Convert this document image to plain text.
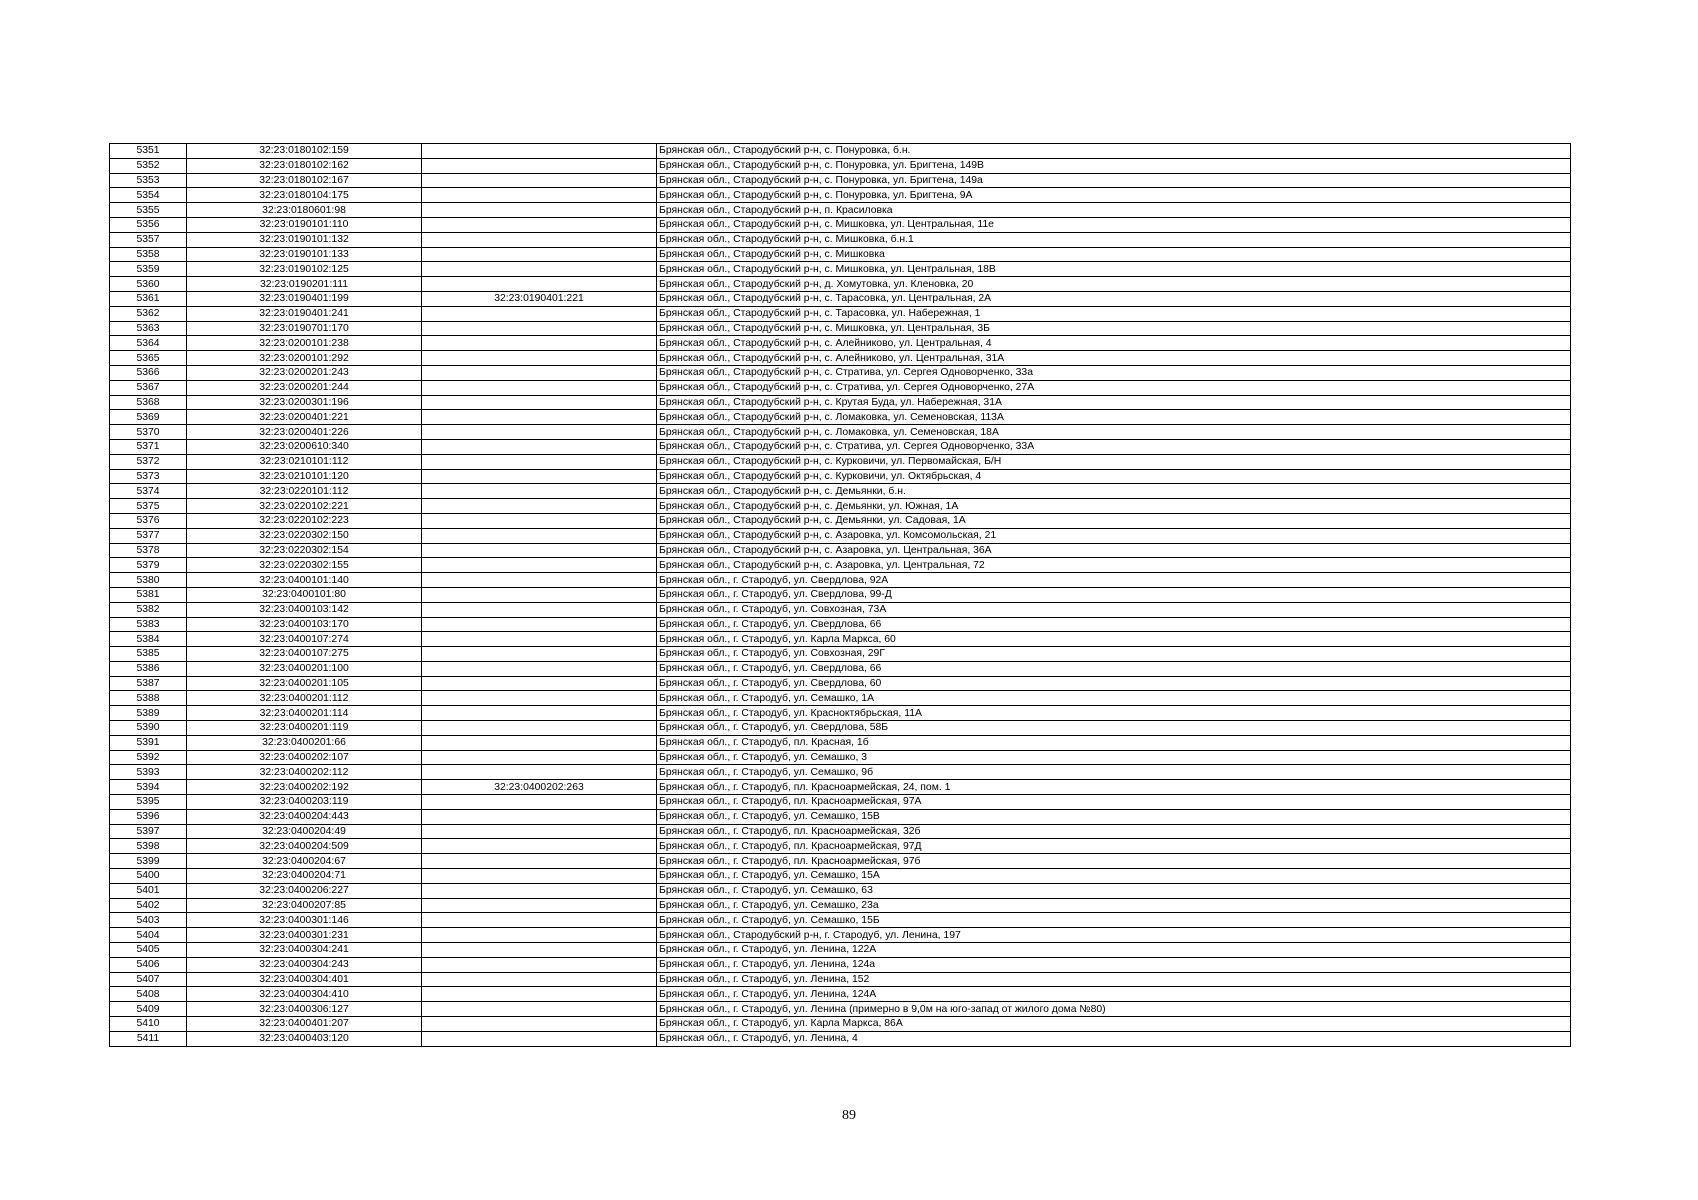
5351	32:23:0180102:159		Брянская обл., Стародубский р-н, с. Понуровка, б.н.
5352	32:23:0180102:162		Брянская обл., Стародубский р-н, с. Понуровка, ул. Бригтена, 149В
5353	32:23:0180102:167		Брянская обл., Стародубский р-н, с. Понуровка, ул. Бригтена, 149а
5354	32:23:0180104:175		Брянская обл., Стародубский р-н, с. Понуровка, ул. Бригтена, 9А
5355	32:23:0180601:98		Брянская обл., Стародубский р-н, п. Красиловка
5356	32:23:0190101:110		Брянская обл., Стародубский р-н, с. Мишковка, ул. Центральная, 11е
5357	32:23:0190101:132		Брянская обл., Стародубский р-н, с. Мишковка, б.н.1
5358	32:23:0190101:133		Брянская обл., Стародубский р-н, с. Мишковка
5359	32:23:0190102:125		Брянская обл., Стародубский р-н, с. Мишковка, ул. Центральная, 18В
5360	32:23:0190201:111		Брянская обл., Стародубский р-н, д. Хомутовка, ул. Кленовка, 20
5361	32:23:0190401:199	32:23:0190401:221	Брянская обл., Стародубский р-н, с. Тарасовка, ул. Центральная, 2А
5362	32:23:0190401:241		Брянская обл., Стародубский р-н, с. Тарасовка, ул. Набережная, 1
5363	32:23:0190701:170		Брянская обл., Стародубский р-н, с. Мишковка, ул. Центральная, 3Б
5364	32:23:0200101:238		Брянская обл., Стародубский р-н, с. Алейниково, ул. Центральная, 4
5365	32:23:0200101:292		Брянская обл., Стародубский р-н, с. Алейниково, ул. Центральная, 31А
5366	32:23:0200201:243		Брянская обл., Стародубский р-н, с. Стратива, ул. Сергея Одноворченко, 33а
5367	32:23:0200201:244		Брянская обл., Стародубский р-н, с. Стратива, ул. Сергея Одноворченко, 27А
5368	32:23:0200301:196		Брянская обл., Стародубский р-н, с. Крутая Буда, ул. Набережная, 31А
5369	32:23:0200401:221		Брянская обл., Стародубский р-н, с. Ломаковка, ул. Семеновская, 113А
5370	32:23:0200401:226		Брянская обл., Стародубский р-н, с. Ломаковка, ул. Семеновская, 18А
5371	32:23:0200610:340		Брянская обл., Стародубский р-н, с. Стратива, ул. Сергея Одноворченко, 33А
5372	32:23:0210101:112		Брянская обл., Стародубский р-н, с. Курковичи, ул. Первомайская, Б/Н
5373	32:23:0210101:120		Брянская обл., Стародубский р-н, с. Курковичи, ул. Октябрьская, 4
5374	32:23:0220101:112		Брянская обл., Стародубский р-н, с. Демьянки, б.н.
5375	32:23:0220102:221		Брянская обл., Стародубский р-н, с. Демьянки, ул. Южная, 1А
5376	32:23:0220102:223		Брянская обл., Стародубский р-н, с. Демьянки, ул. Садовая, 1А
5377	32:23:0220302:150		Брянская обл., Стародубский р-н, с. Азаровка, ул. Комсомольская, 21
5378	32:23:0220302:154		Брянская обл., Стародубский р-н, с. Азаровка, ул. Центральная, 36А
5379	32:23:0220302:155		Брянская обл., Стародубский р-н, с. Азаровка, ул. Центральная, 72
5380	32:23:0400101:140		Брянская обл., г. Стародуб, ул. Свердлова, 92А
5381	32:23:0400101:80		Брянская обл., г. Стародуб, ул. Свердлова, 99-Д
5382	32:23:0400103:142		Брянская обл., г. Стародуб, ул. Совхозная, 73А
5383	32:23:0400103:170		Брянская обл., г. Стародуб, ул. Свердлова, 66
5384	32:23:0400107:274		Брянская обл., г. Стародуб, ул. Карла Маркса, 60
5385	32:23:0400107:275		Брянская обл., г. Стародуб, ул. Совхозная, 29Г
5386	32:23:0400201:100		Брянская обл., г. Стародуб, ул. Свердлова, 66
5387	32:23:0400201:105		Брянская обл., г. Стародуб, ул. Свердлова, 60
5388	32:23:0400201:112		Брянская обл., г. Стародуб, ул. Семашко, 1А
5389	32:23:0400201:114		Брянская обл., г. Стародуб, ул. Красноктябрьская, 11А
5390	32:23:0400201:119		Брянская обл., г. Стародуб, ул. Свердлова, 58Б
5391	32:23:0400201:66		Брянская обл., г. Стародуб, пл. Красная, 1б
5392	32:23:0400202:107		Брянская обл., г. Стародуб, ул. Семашко, 3
5393	32:23:0400202:112		Брянская обл., г. Стародуб, ул. Семашко, 9б
5394	32:23:0400202:192	32:23:0400202:263	Брянская обл., г. Стародуб, пл. Красноармейская, 24, пом. 1
5395	32:23:0400203:119		Брянская обл., г. Стародуб, пл. Красноармейская, 97А
5396	32:23:0400204:443		Брянская обл., г. Стародуб, ул. Семашко, 15В
5397	32:23:0400204:49		Брянская обл., г. Стародуб, пл. Красноармейская, 32б
5398	32:23:0400204:509		Брянская обл., г. Стародуб, пл. Красноармейская, 97Д
5399	32:23:0400204:67		Брянская обл., г. Стародуб, пл. Красноармейская, 97б
5400	32:23:0400204:71		Брянская обл., г. Стародуб, ул. Семашко, 15А
5401	32:23:0400206:227		Брянская обл., г. Стародуб, ул. Семашко, 63
5402	32:23:0400207:85		Брянская обл., г. Стародуб, ул. Семашко, 23а
5403	32:23:0400301:146		Брянская обл., г. Стародуб, ул. Семашко, 15Б
5404	32:23:0400301:231		Брянская обл., Стародубский р-н, г. Стародуб, ул. Ленина, 197
5405	32:23:0400304:241		Брянская обл., г. Стародуб, ул. Ленина, 122А
5406	32:23:0400304:243		Брянская обл., г. Стародуб, ул. Ленина, 124а
5407	32:23:0400304:401		Брянская обл., г. Стародуб, ул. Ленина, 152
5408	32:23:0400304:410		Брянская обл., г. Стародуб, ул. Ленина, 124А
5409	32:23:0400306:127		Брянская обл., г. Стародуб, ул. Ленина (примерно в 9,0м на юго-запад от жилого дома №80)
5410	32:23:0400401:207		Брянская обл., г. Стародуб, ул. Карла Маркса, 86А
5411	32:23:0400403:120		Брянская обл., г. Стародуб, ул. Ленина, 4
89
